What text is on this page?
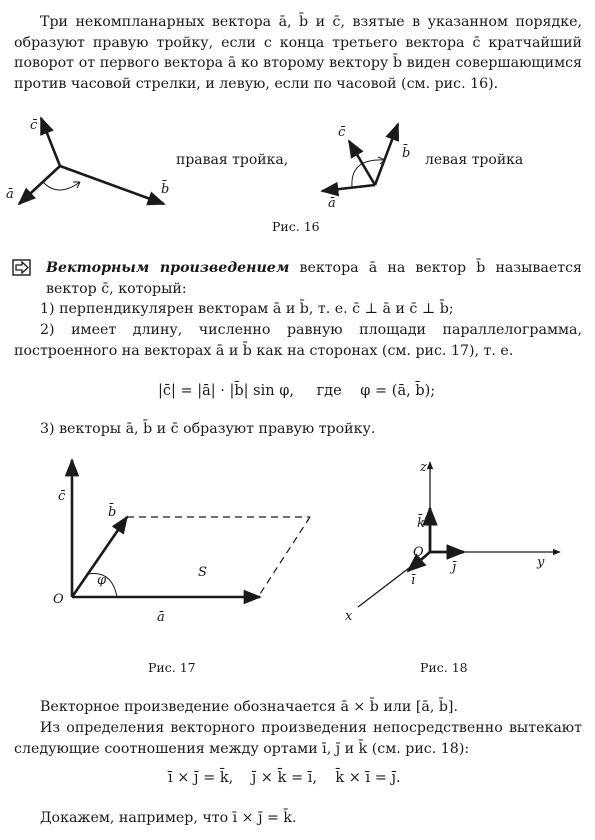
Три некомпланарных вектора ā, b̄ и c̄, взятые в указанном порядке, образуют правую тройку, если с конца третьего вектора c̄ кратчайший поворот от первого вектора ā ко второму вектору b̄ виден совершающимся против часовой стрелки, и левую, если по часовой (см. рис. 16).

c̄
ā	b̄
c̄
ā
b̄
правая тройка,	левая тройка
Рис. 16

Векторным произведением вектора ā на вектор b̄ называется вектор c̄, который:

1) перпендикулярен векторам ā и b̄, т. е. c̄ ⊥ ā и c̄ ⊥ b̄;

2) имеет длину, численно равную площади параллелограмма, построенного на векторах ā и b̄ как на сторонах (см. рис. 17), т. е.

|c̄| = |ā| · |b̄| sin φ, где φ = (ā, b̄);

3) векторы ā, b̄ и c̄ образуют правую тройку.

c̄
b̄
ā
O
φ
S
z
k̄
O
j̄
ī
x
y
Рис. 17	Рис. 18

Векторное произведение обозначается ā × b̄ или [ā, b̄].

Из определения векторного произведения непосредственно вытекают следующие соотношения между ортами ī, j̄ и k̄ (см. рис. 18):

ī × j̄ = k̄,    j̄ × k̄ = ī,    k̄ × ī = j̄.

Докажем, например, что ī × j̄ = k̄.
